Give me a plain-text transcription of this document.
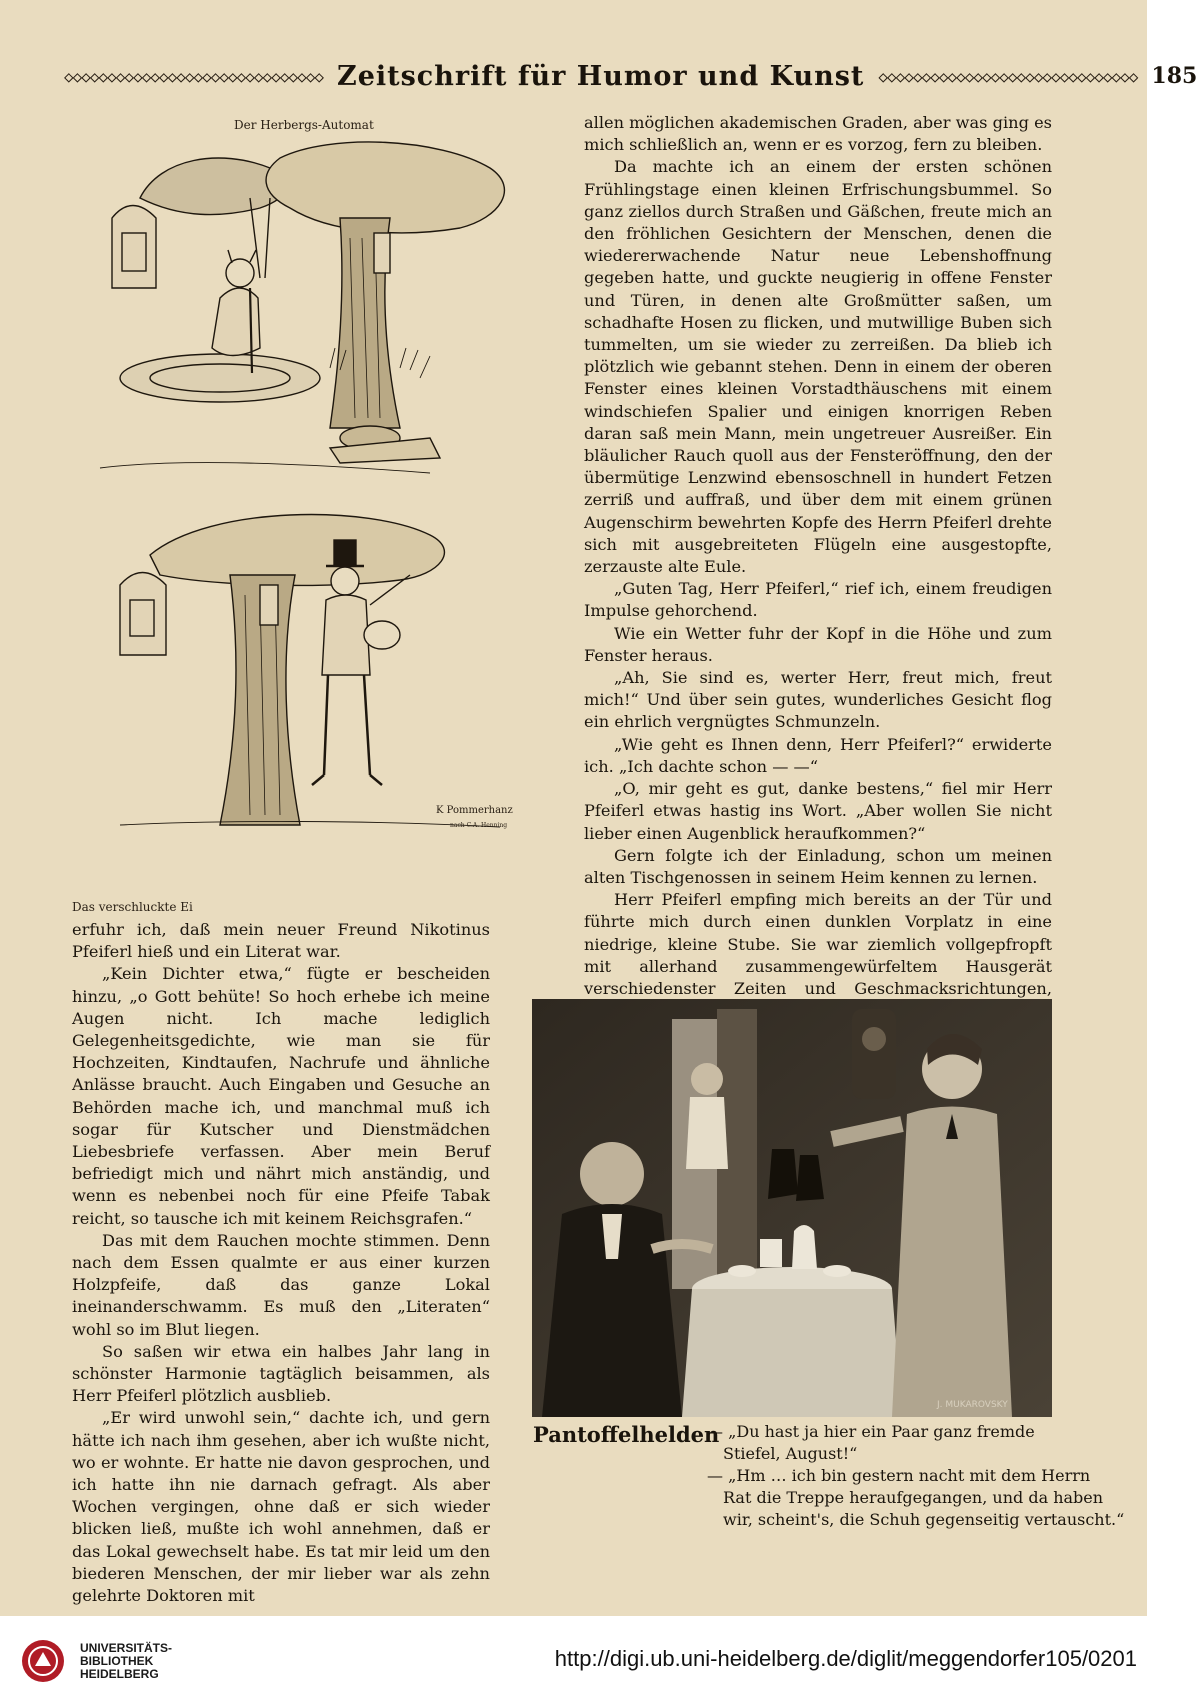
◇◇◇◇◇◇◇◇◇◇◇◇◇◇◇◇◇◇◇◇◇◇◇◇◇◇◇◇◇◇ Zeitschrift für Humor und Kunst ◇◇◇◇◇◇◇◇◇◇◇◇◇◇◇◇◇◇◇◇◇◇◇◇◇◇◇◇◇◇ 185
Der Herbergs-Automat
K Pommerhanz
nach C.A. Henning
Das verschluckte Ei

erfuhr ich, daß mein neuer Freund Nikotinus Pfeiferl hieß und ein Literat war.

„Kein Dichter etwa,“ fügte er bescheiden hinzu, „o Gott behüte! So hoch erhebe ich meine Augen nicht. Ich mache lediglich Gelegenheitsgedichte, wie man sie für Hochzeiten, Kindtaufen, Nachrufe und ähnliche Anlässe braucht. Auch Eingaben und Gesuche an Behörden mache ich, und manchmal muß ich sogar für Kutscher und Dienstmädchen Liebesbriefe verfassen. Aber mein Beruf befriedigt mich und nährt mich anständig, und wenn es nebenbei noch für eine Pfeife Tabak reicht, so tausche ich mit keinem Reichsgrafen.“

Das mit dem Rauchen mochte stimmen. Denn nach dem Essen qualmte er aus einer kurzen Holzpfeife, daß das ganze Lokal ineinanderschwamm. Es muß den „Literaten“ wohl so im Blut liegen.

So saßen wir etwa ein halbes Jahr lang in schönster Harmonie tagtäglich beisammen, als Herr Pfeiferl plötzlich ausblieb.

„Er wird unwohl sein,“ dachte ich, und gern hätte ich nach ihm gesehen, aber ich wußte nicht, wo er wohnte. Er hatte nie davon gesprochen, und ich hatte ihn nie darnach gefragt. Als aber Wochen vergingen, ohne daß er sich wieder blicken ließ, mußte ich wohl annehmen, daß er das Lokal gewechselt habe. Es tat mir leid um den biederen Menschen, der mir lieber war als zehn gelehrte Doktoren mit

allen möglichen akademischen Graden, aber was ging es mich schließlich an, wenn er es vorzog, fern zu bleiben.

Da machte ich an einem der ersten schönen Frühlingstage einen kleinen Erfrischungsbummel. So ganz ziellos durch Straßen und Gäßchen, freute mich an den fröhlichen Gesichtern der Menschen, denen die wiedererwachende Natur neue Lebenshoffnung gegeben hatte, und guckte neugierig in offene Fenster und Türen, in denen alte Großmütter saßen, um schadhafte Hosen zu flicken, und mutwillige Buben sich tummelten, um sie wieder zu zerreißen. Da blieb ich plötzlich wie gebannt stehen. Denn in einem der oberen Fenster eines kleinen Vorstadthäuschens mit einem windschiefen Spalier und einigen knorrigen Reben daran saß mein Mann, mein ungetreuer Ausreißer. Ein bläulicher Rauch quoll aus der Fensteröffnung, den der übermütige Lenzwind ebensoschnell in hundert Fetzen zerriß und auffraß, und über dem mit einem grünen Augenschirm bewehrten Kopfe des Herrn Pfeiferl drehte sich mit ausgebreiteten Flügeln eine ausgestopfte, zerzauste alte Eule.

„Guten Tag, Herr Pfeiferl,“ rief ich, einem freudigen Impulse gehorchend.

Wie ein Wetter fuhr der Kopf in die Höhe und zum Fenster heraus.

„Ah, Sie sind es, werter Herr, freut mich, freut mich!“ Und über sein gutes, wunderliches Gesicht flog ein ehrlich vergnügtes Schmunzeln.

„Wie geht es Ihnen denn, Herr Pfeiferl?“ erwiderte ich. „Ich dachte schon — —“

„O, mir geht es gut, danke bestens,“ fiel mir Herr Pfeiferl etwas hastig ins Wort. „Aber wollen Sie nicht lieber einen Augenblick heraufkommen?“

Gern folgte ich der Einladung, schon um meinen alten Tischgenossen in seinem Heim kennen zu lernen.

Herr Pfeiferl empfing mich bereits an der Tür und führte mich durch einen dunklen Vorplatz in eine niedrige, kleine Stube. Sie war ziemlich vollgepfropft mit allerhand zusammengewürfeltem Hausgerät verschiedenster Zeiten und Geschmacksrichtungen,

J. MUKAROVSKY
Pantoffelhelden
— „Du hast ja hier ein Paar ganz fremde
Stiefel, August!“
— „Hm … ich bin gestern nacht mit dem Herrn
Rat die Treppe heraufgegangen, und da haben
wir, scheint's, die Schuh gegenseitig vertauscht.“
UNIVERSITÄTS-
BIBLIOTHEK
HEIDELBERG
http://digi.ub.uni-heidelberg.de/diglit/meggendorfer105/0201
